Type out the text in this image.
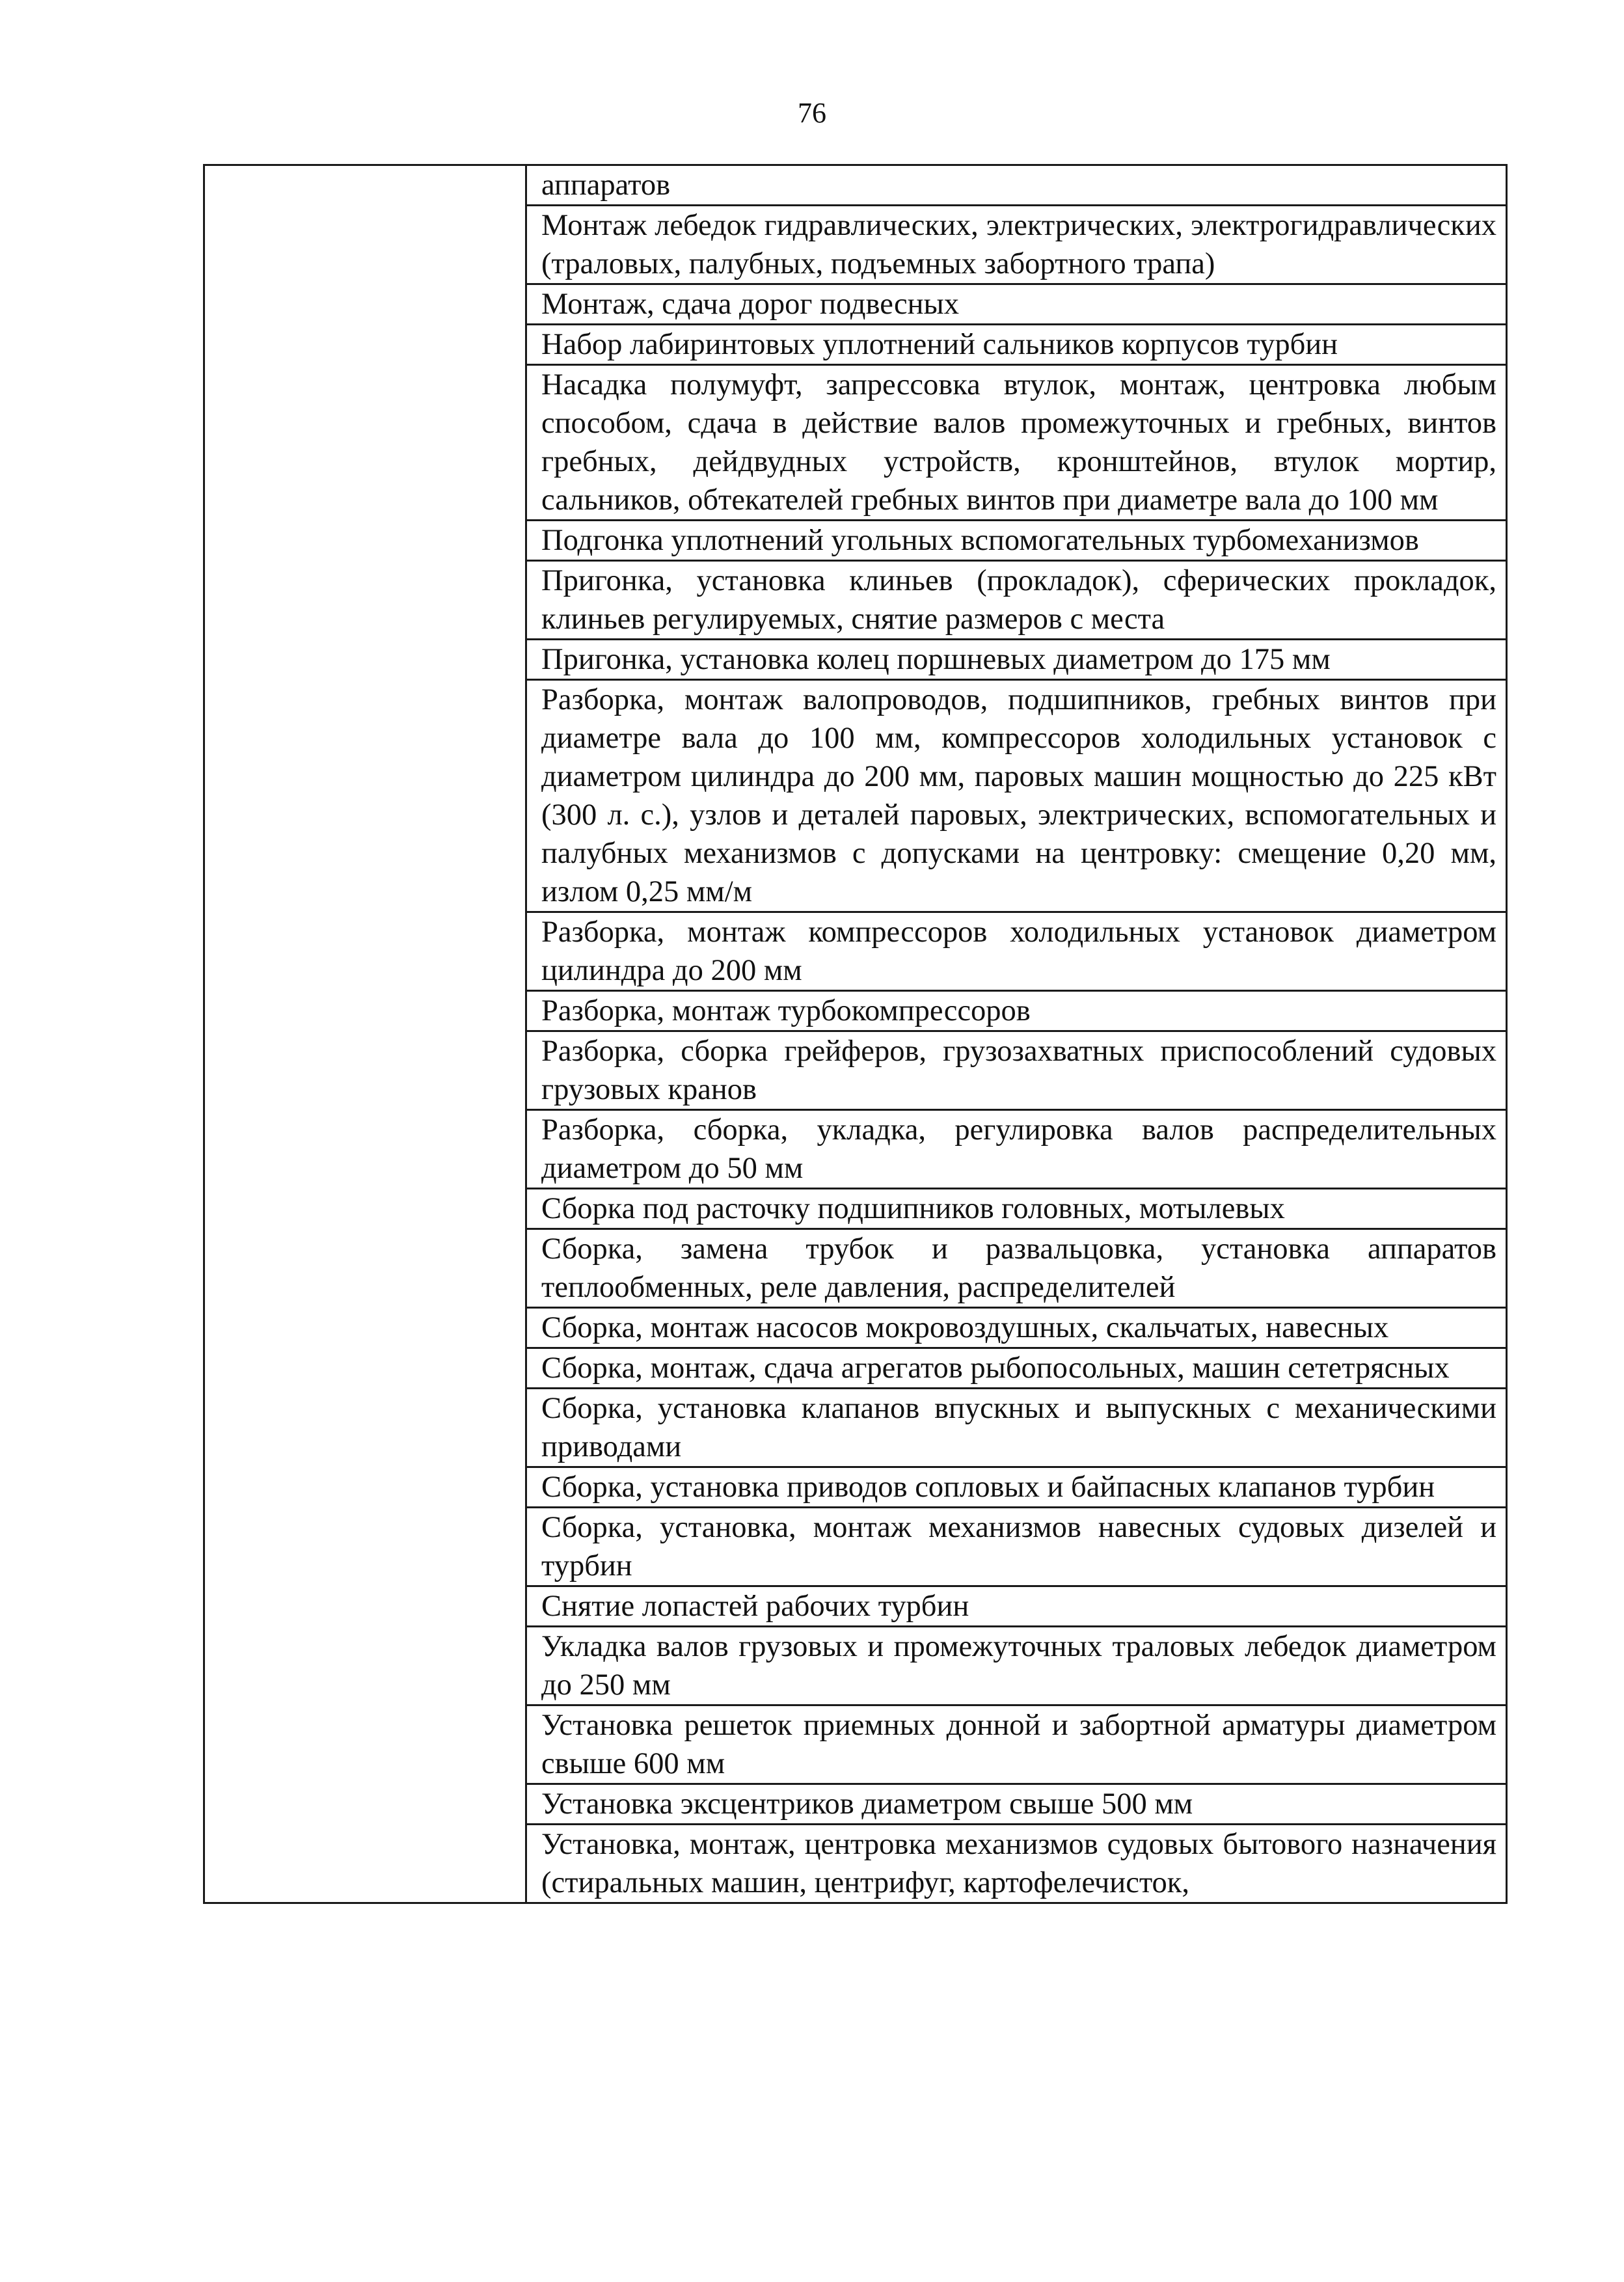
76

аппаратов
Монтаж лебедок гидравлических, электрических, электрогидравлических (траловых, палубных, подъемных забортного трапа)
Монтаж, сдача дорог подвесных
Набор лабиринтовых уплотнений сальников корпусов турбин
Насадка полумуфт, запрессовка втулок, монтаж, центровка любым способом, сдача в действие валов промежуточных и гребных, винтов гребных, дейдвудных устройств, кронштейнов, втулок мортир, сальников, обтекателей гребных винтов при диаметре вала до 100 мм
Подгонка уплотнений угольных вспомогательных турбомеханизмов
Пригонка, установка клиньев (прокладок), сферических прокладок, клиньев регулируемых, снятие размеров с места
Пригонка, установка колец поршневых диаметром до 175 мм
Разборка, монтаж валопроводов, подшипников, гребных винтов при диаметре вала до 100 мм, компрессоров холодильных установок с диаметром цилиндра до 200 мм, паровых машин мощностью до 225 кВт (300 л. с.), узлов и деталей паровых, электрических, вспомогательных и палубных механизмов с допусками на центровку: смещение 0,20 мм, излом 0,25 мм/м
Разборка, монтаж компрессоров холодильных установок диаметром цилиндра до 200 мм
Разборка, монтаж турбокомпрессоров
Разборка, сборка грейферов, грузозахватных приспособлений судовых грузовых кранов
Разборка, сборка, укладка, регулировка валов распределительных диаметром до 50 мм
Сборка под расточку подшипников головных, мотылевых
Сборка, замена трубок и развальцовка, установка аппаратов теплообменных, реле давления, распределителей
Сборка, монтаж насосов мокровоздушных, скальчатых, навесных
Сборка, монтаж, сдача агрегатов рыбопосольных, машин сететрясных
Сборка, установка клапанов впускных и выпускных с механическими приводами
Сборка, установка приводов сопловых и байпасных клапанов турбин
Сборка, установка, монтаж механизмов навесных судовых дизелей и турбин
Снятие лопастей рабочих турбин
Укладка валов грузовых и промежуточных траловых лебедок диаметром до 250 мм
Установка решеток приемных донной и забортной арматуры диаметром свыше 600 мм
Установка эксцентриков диаметром свыше 500 мм
Установка, монтаж, центровка механизмов судовых бытового назначения (стиральных машин, центрифуг, картофелечисток,
